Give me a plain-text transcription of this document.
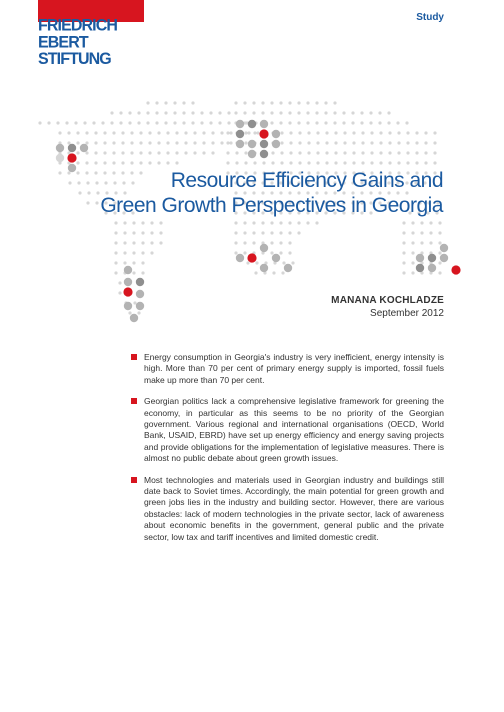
FRIEDRICH
EBERT
STIFTUNG
Study
Resource Efficiency Gains and
Green Growth Perspectives in Georgia
MANANA KOCHLADZE
September 2012
Energy consumption in Georgia's industry is very inefficient, energy intensity is high. More than 70 per cent of primary energy supply is imported, fossil fuels make up more than 70 per cent.
Georgian politics lack a comprehensive legislative framework for greening the economy, in particular as this seems to be no priority of the Georgian government. Various regional and international organisations (OECD, World Bank, USAID, EBRD) have set up energy efficiency and energy saving projects and provide obligations for the implementation of legislative measures. There is almost no public debate about green growth issues.
Most technologies and materials used in Georgian industry and buildings still date back to Soviet times. Accordingly, the main potential for green growth and green jobs lies in the industry and building sector. However, there are various obstacles: lack of modern technologies in the private sector, lack of awareness about economic benefits in the government, general public and the private sector, low tax and tariff incentives and limited domestic credit.
